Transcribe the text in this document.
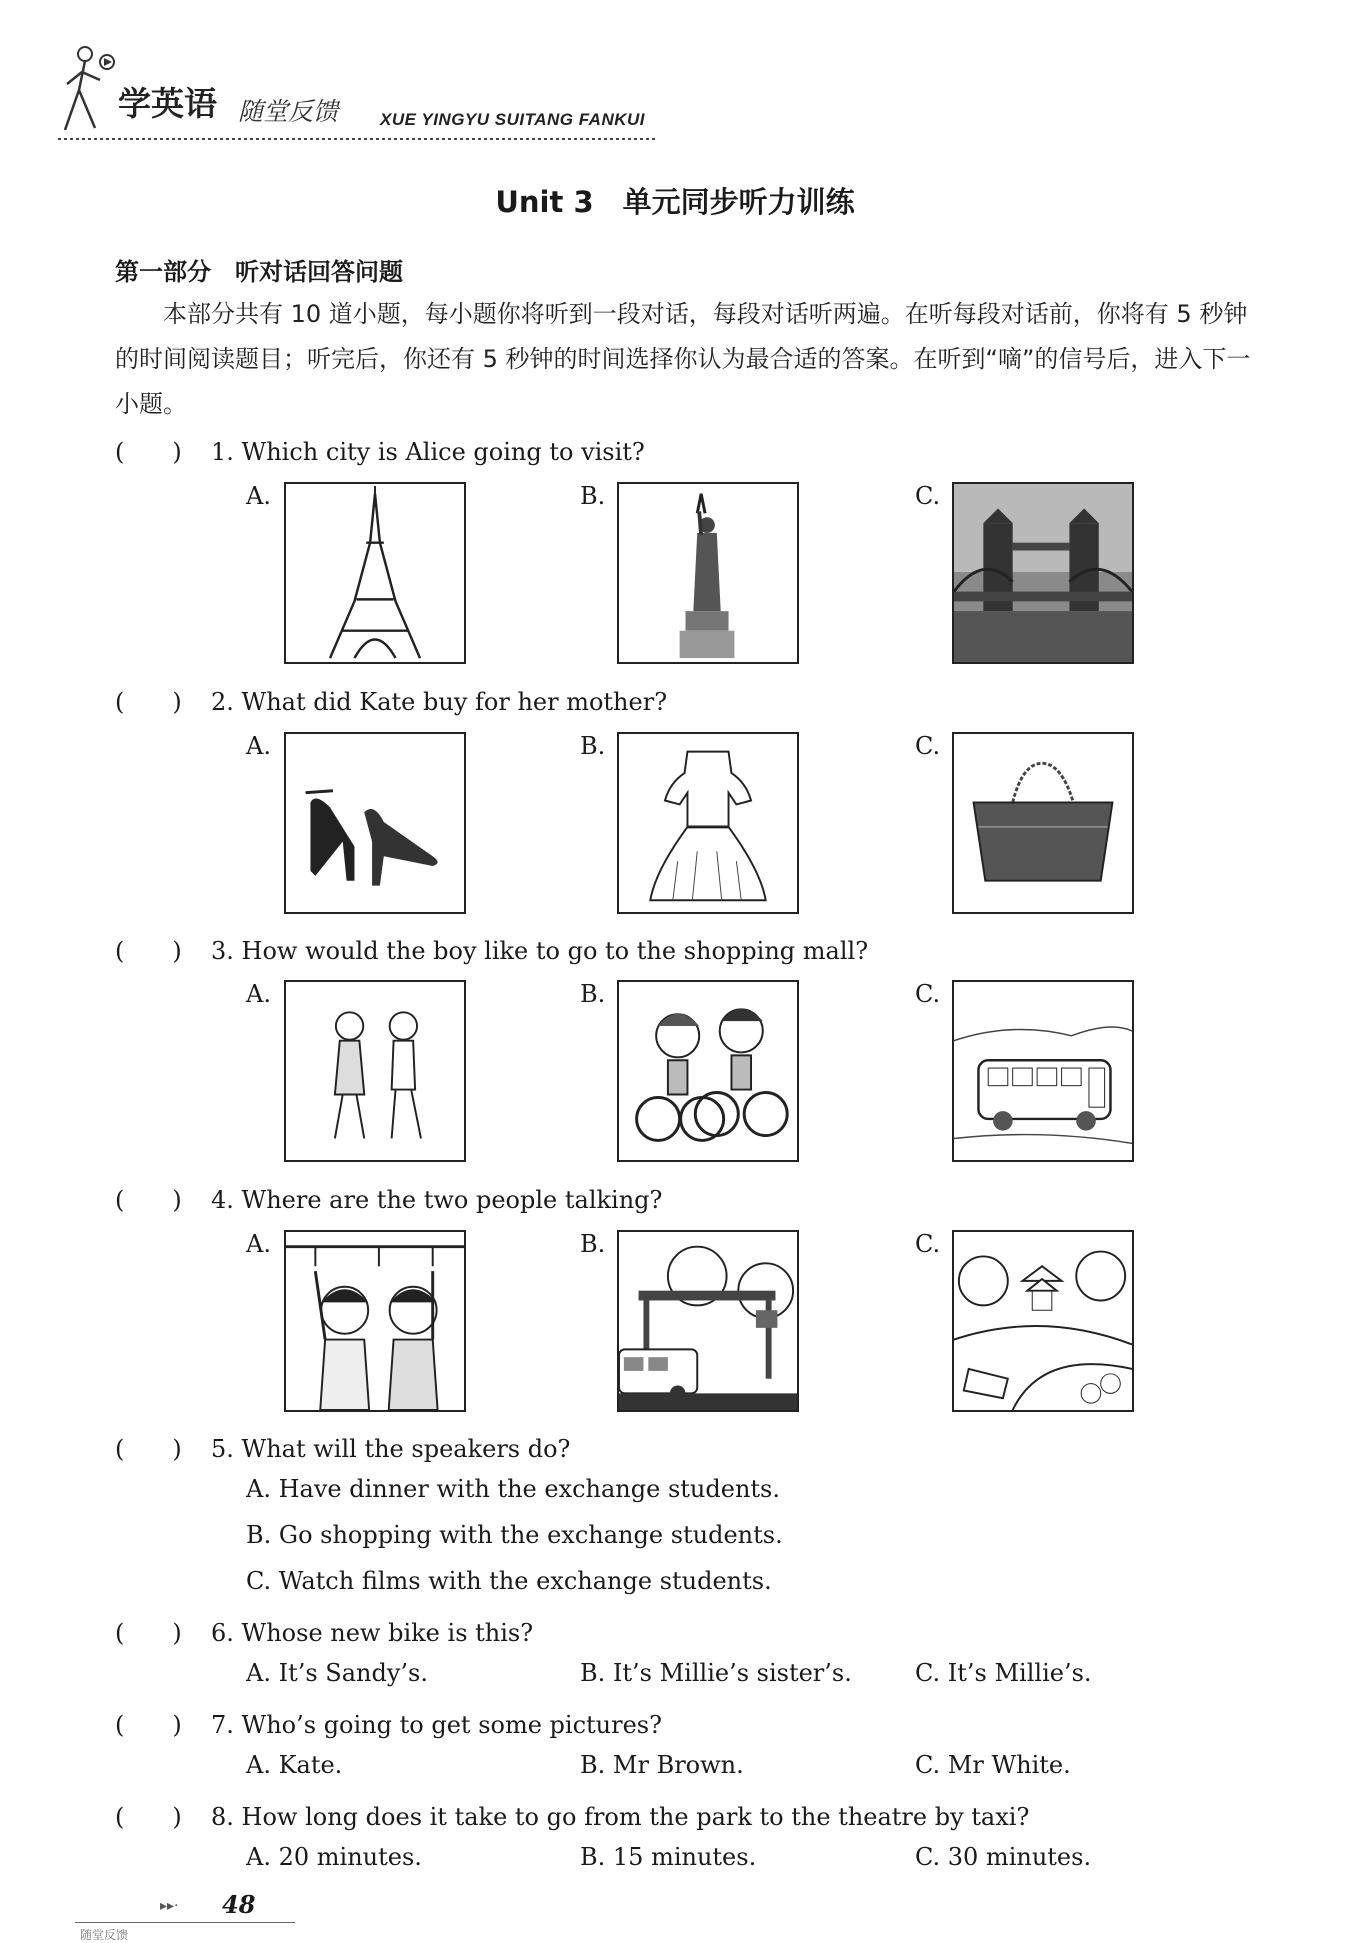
学英语 随堂反馈 XUE YINGYU SUITANG FANKUI
Unit 3　单元同步听力训练
第一部分　听对话回答问题
本部分共有 10 道小题，每小题你将听到一段对话，每段对话听两遍。在听每段对话前，你将有 5 秒钟的时间阅读题目；听完后，你还有 5 秒钟的时间选择你认为最合适的答案。在听到“嘀”的信号后，进入下一小题。
(　　) 1. Which city is Alice going to visit?
A.	B.	C.
(　　) 2. What did Kate buy for her mother?
A.	B.	C.
(　　) 3. How would the boy like to go to the shopping mall?
A.	B.	C.
(　　) 4. Where are the two people talking?
A.	B.	C.
(　　) 5. What will the speakers do?
A. Have dinner with the exchange students.
B. Go shopping with the exchange students.
C. Watch films with the exchange students.
(　　) 6. Whose new bike is this?
A. It’s Sandy’s.	B. It’s Millie’s sister’s.	C. It’s Millie’s.
(　　) 7. Who’s going to get some pictures?
A. Kate.	B. Mr Brown.	C. Mr White.
(　　) 8. How long does it take to go from the park to the theatre by taxi?
A. 20 minutes.	B. 15 minutes.	C. 30 minutes.
▸▸· 48
随堂反馈
